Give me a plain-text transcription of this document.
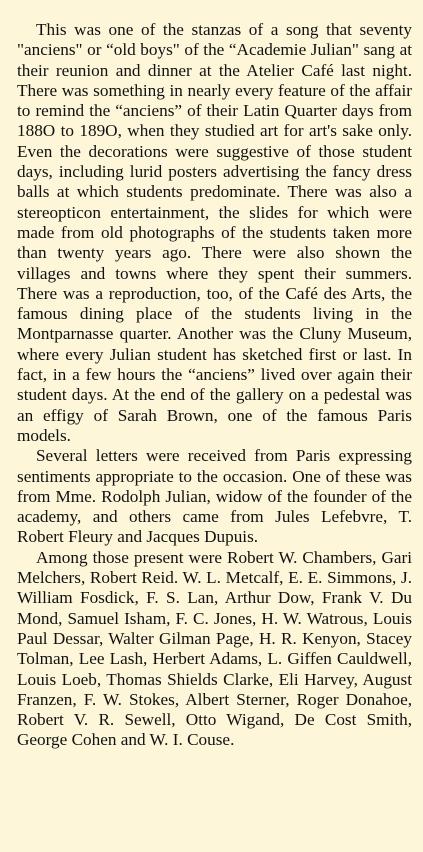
This was one of the stanzas of a song that seventy "anciens" or “old boys" of the “Academie Julian" sang at their reunion and dinner at the Atelier Café last night. There was something in nearly every feature of the affair to remind the “anciens” of their Latin Quarter days from 188O to 189O, when they studied art for art's sake only. Even the decorations were suggestive of those student days, including lurid posters advertising the fancy dress balls at which students predominate. There was also a stereopticon entertainment, the slides for which were made from old photographs of the students taken more than twenty years ago. There were also shown the villages and towns where they spent their summers. There was a reproduction, too, of the Café des Arts, the famous dining place of the students living in the Montparnasse quarter. Another was the Cluny Museum, where every Julian student has sketched first or last. In fact, in a few hours the “anciens” lived over again their student days. At the end of the gallery on a pedestal was an effigy of Sarah Brown, one of the famous Paris models.

Several letters were received from Paris expressing sentiments appropriate to the occasion. One of these was from Mme. Rodolph Julian, widow of the founder of the academy, and others came from Jules Lefebvre, T. Robert Fleury and Jacques Dupuis.

Among those present were Robert W. Chambers, Gari Melchers, Robert Reid. W. L. Metcalf, E. E. Simmons, J. William Fosdick, F. S. Lan, Arthur Dow, Frank V. Du Mond, Samuel Isham, F. C. Jones, H. W. Watrous, Louis Paul Dessar, Walter Gilman Page, H. R. Kenyon, Stacey Tolman, Lee Lash, Herbert Adams, L. Giffen Cauldwell, Louis Loeb, Thomas Shields Clarke, Eli Harvey, August Franzen, F. W. Stokes, Albert Sterner, Roger Donahoe, Robert V. R. Sewell, Otto Wigand, De Cost Smith, George Cohen and W. I. Couse.
